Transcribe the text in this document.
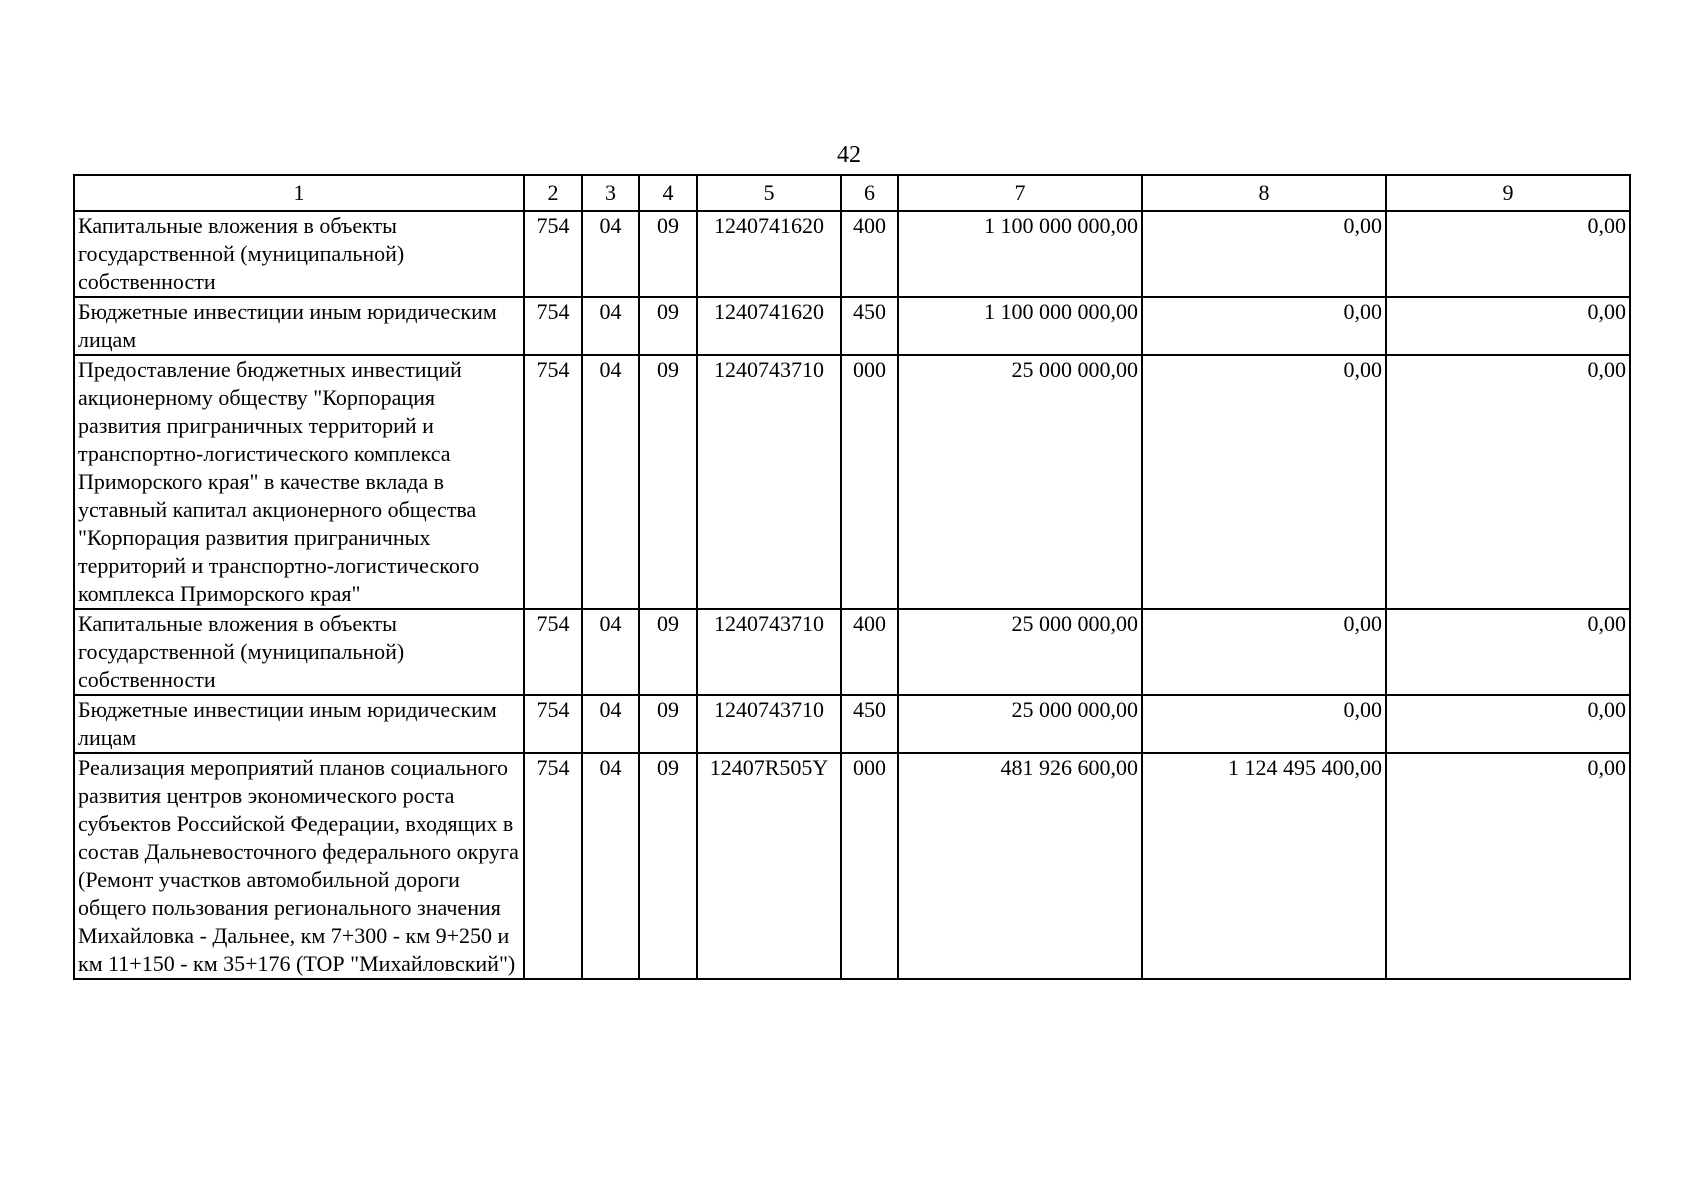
42
1	2	3	4	5	6	7	8	9
Капитальные вложения в объекты государственной (муниципальной) собственности	754	04	09	1240741620	400	1 100 000 000,00	0,00	0,00
Бюджетные инвестиции иным юридическим лицам	754	04	09	1240741620	450	1 100 000 000,00	0,00	0,00
Предоставление бюджетных инвестиций акционерному обществу "Корпорация развития приграничных территорий и транспортно-логистического комплекса Приморского края" в качестве вклада в уставный капитал акционерного общества "Корпорация развития приграничных территорий и транспортно-логистического комплекса Приморского края"	754	04	09	1240743710	000	25 000 000,00	0,00	0,00
Капитальные вложения в объекты государственной (муниципальной) собственности	754	04	09	1240743710	400	25 000 000,00	0,00	0,00
Бюджетные инвестиции иным юридическим лицам	754	04	09	1240743710	450	25 000 000,00	0,00	0,00
Реализация мероприятий планов социального развития центров экономического роста субъектов Российской Федерации, входящих в состав Дальневосточного федерального округа (Ремонт участков автомобильной дороги общего пользования регионального значения Михайловка - Дальнее, км 7+300 - км 9+250 и км 11+150 - км 35+176 (ТОР "Михайловский")	754	04	09	12407R505Y	000	481 926 600,00	1 124 495 400,00	0,00
